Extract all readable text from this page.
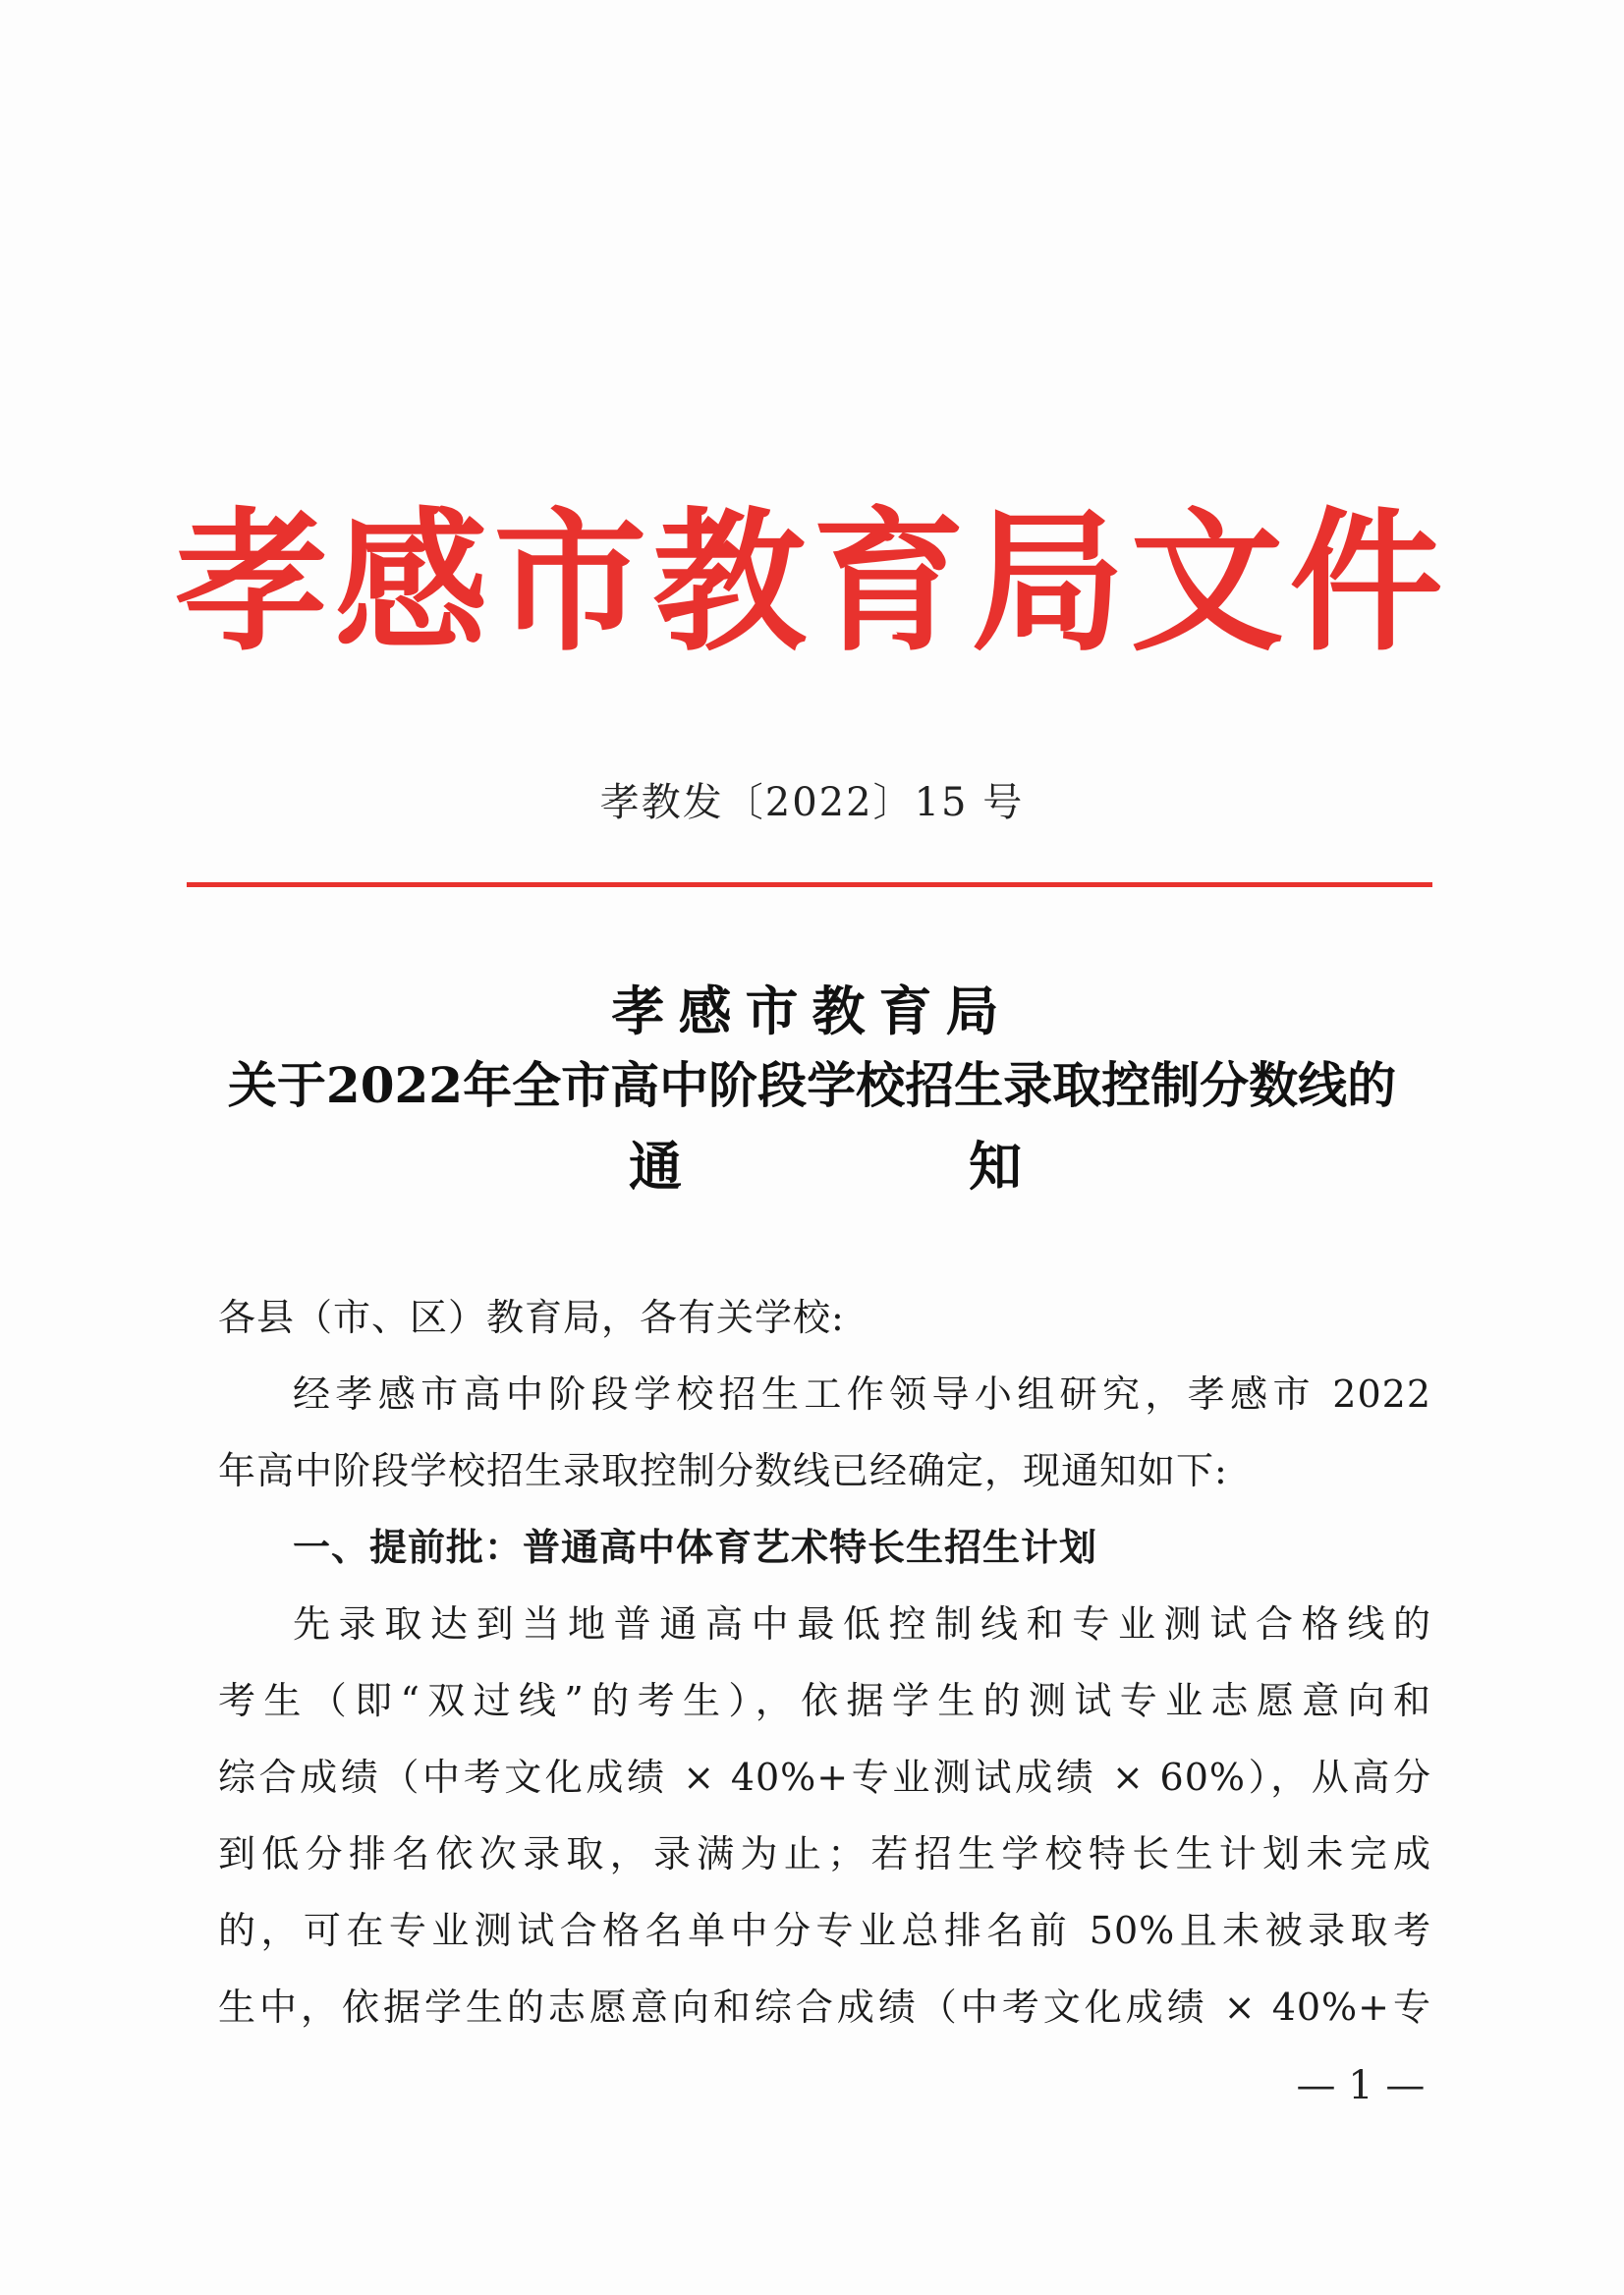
孝感市教育局文件
孝教发〔2022〕15 号
孝感市教育局
关于2022年全市高中阶段学校招生录取控制分数线的
通	知
各县（市、区）教育局，各有关学校:
经孝感市高中阶段学校招生工作领导小组研究，孝感市 2022
年高中阶段学校招生录取控制分数线已经确定，现通知如下:
一、提前批：普通高中体育艺术特长生招生计划
先录取达到当地普通高中最低控制线和专业测试合格线的
考生（即“双过线”的考生），依据学生的测试专业志愿意向和
综合成绩（中考文化成绩 × 40%+专业测试成绩 × 60%），从高分
到低分排名依次录取，录满为止；若招生学校特长生计划未完成
的，可在专业测试合格名单中分专业总排名前 50%且未被录取考
生中，依据学生的志愿意向和综合成绩（中考文化成绩 × 40%+专
— 1 —
